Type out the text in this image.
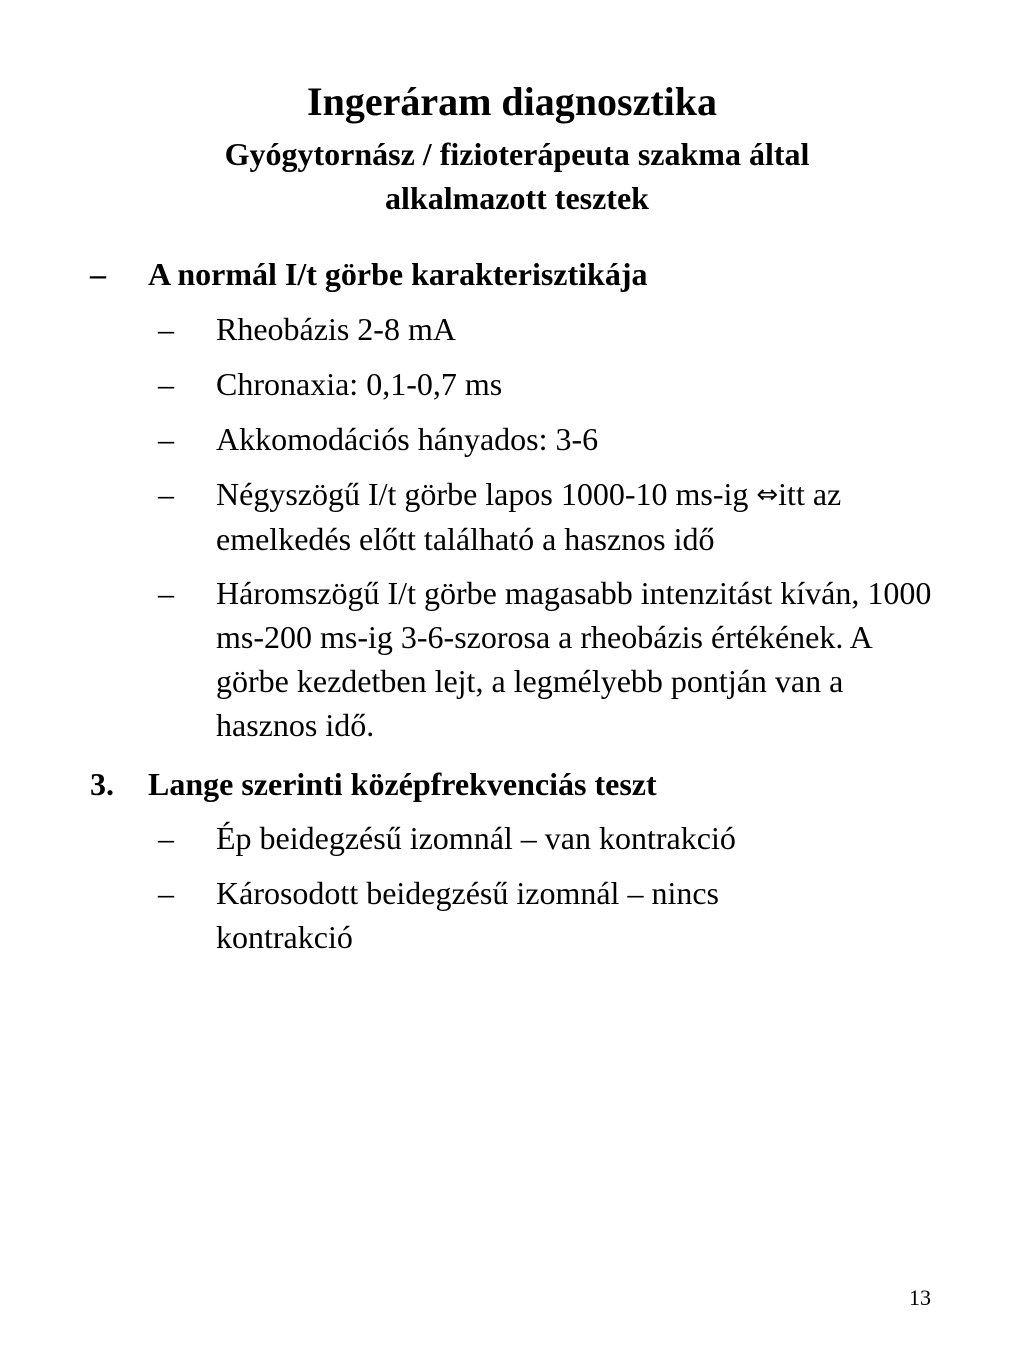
Ingeráram diagnosztika
Gyógytornász / fizioterápeuta szakma által alkalmazott tesztek
– A normál I/t görbe karakterisztikája
– Rheobázis 2-8 mA
– Chronaxia: 0,1-0,7 ms
– Akkomodációs hányados: 3-6
– Négyszögű I/t görbe lapos 1000-10 ms-ig ⇔itt az emelkedés előtt található a hasznos idő
– Háromszögű I/t görbe magasabb intenzitást kíván, 1000 ms-200 ms-ig 3-6-szorosa a rheobázis értékének. A görbe kezdetben lejt, a legmélyebb pontján van a hasznos idő.
3. Lange szerinti középfrekvenciás teszt
– Ép beidegzésű izomnál – van kontrakció
– Károsodott beidegzésű izomnál – nincs kontrakció
13
